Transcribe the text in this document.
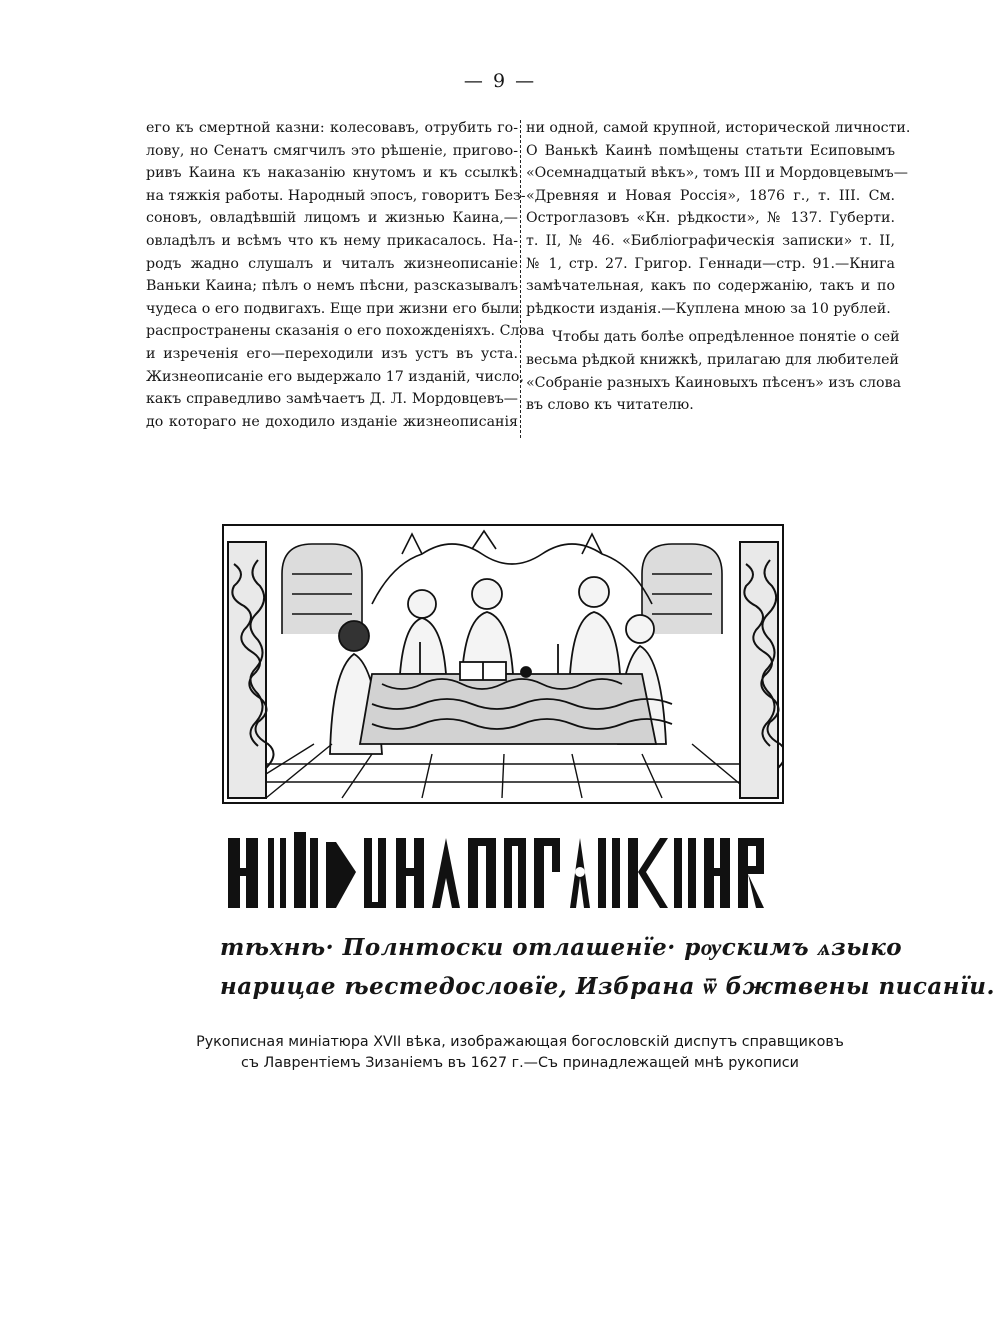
— 9 —

его къ смертной казни: колесовавъ, отрубить го-
лову, но Сенатъ смягчилъ это рѣшеніе, пригово-
ривъ Каина къ наказанію кнутомъ и къ ссылкѣ
на тяжкія работы. Народный эпосъ, говоритъ Без-
соновъ, овладѣвшій лицомъ и жизнью Каина,—
овладѣлъ и всѣмъ что къ нему прикасалось. На-
родъ жадно слушалъ и читалъ жизнеописаніе
Ваньки Каина; пѣлъ о немъ пѣсни, разсказывалъ
чудеса о его подвигахъ. Еще при жизни его были
распространены сказанія о его похожденіяхъ. Слова
и изреченія его—переходили изъ устъ въ уста.
Жизнеописаніе его выдержало 17 изданій, число,
какъ справедливо замѣчаетъ Д. Л. Мордовцевъ—
до котораго не доходило изданіе жизнеописанія

ни одной, самой крупной, исторической личности.
О Ванькѣ Каинѣ помѣщены статьти Есиповымъ
«Осемнадцатый вѣкъ», томъ III и Мордовцевымъ—
«Древняя и Новая Россія», 1876 г., т. III. См.
Остроглазовъ «Кн. рѣдкости», № 137. Губерти.
т. II, № 46. «Библіографическія записки» т. II,
№ 1, стр. 27. Григор. Геннади—стр. 91.—Книга
замѣчательная, какъ по содержанію, такъ и по
рѣдкости изданія.—Куплена мною за 10 рублей.

Чтобы дать болѣе опредѣленное понятіе о сей
весьма рѣдкой книжкѣ, прилагаю для любителей
«Собраніе разныхъ Каиновыхъ пѣсенъ» изъ слова
въ слово къ читателю.

тѣхнѣ· Полнтоски отлашенїе· рѹскимъ ѧзыко
нарицае ѣестедословїе, Избрана ѿ бжтвены писанїи.
Рукописная миніатюра XVII вѣка, изображающая богословскій диспутъ справщиковъ
съ Лаврентіемъ Зизаніемъ въ 1627 г.—Съ принадлежащей мнѣ рукописи
